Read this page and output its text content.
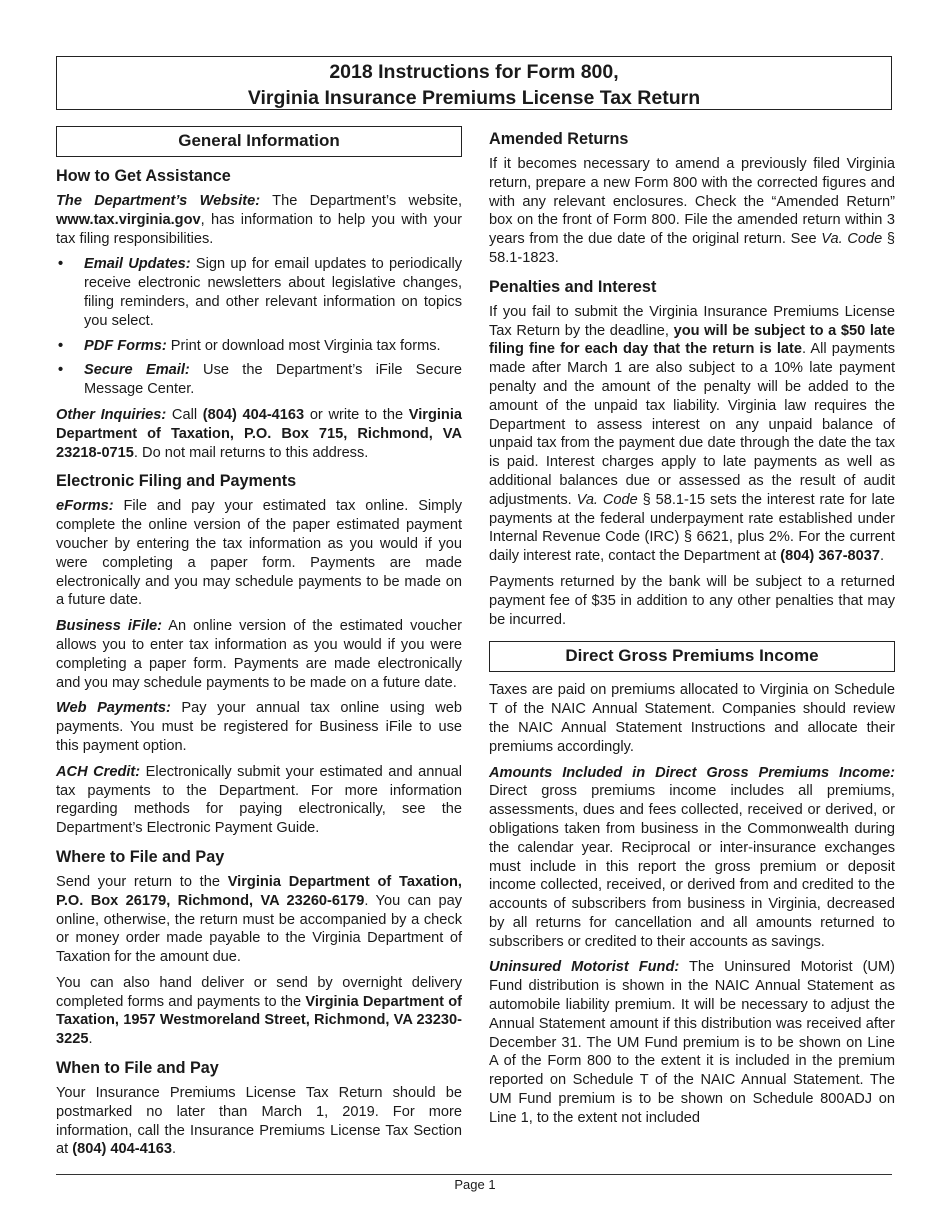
2018 Instructions for Form 800,
Virginia Insurance Premiums License Tax Return
General Information
How to Get Assistance

The Department’s Website: The Department’s website, www.tax.virginia.gov, has information to help you with your tax filing responsibilities.

• Email Updates: Sign up for email updates to periodically receive electronic newsletters about legislative changes, filing reminders, and other relevant information on topics you select.
• PDF Forms: Print or download most Virginia tax forms.
• Secure Email: Use the Department’s iFile Secure Message Center.

Other Inquiries: Call (804) 404-4163 or write to the Virginia Department of Taxation, P.O. Box 715, Richmond, VA 23218-0715. Do not mail returns to this address.

Electronic Filing and Payments

eForms: File and pay your estimated tax online. Simply complete the online version of the paper estimated payment voucher by entering the tax information as you would if you were completing a paper form. Payments are made electronically and you may schedule payments to be made on a future date.

Business iFile: An online version of the estimated voucher allows you to enter tax information as you would if you were completing a paper form. Payments are made electronically and you may schedule payments to be made on a future date.

Web Payments: Pay your annual tax online using web payments. You must be registered for Business iFile to use this payment option.

ACH Credit: Electronically submit your estimated and annual tax payments to the Department. For more information regarding methods for paying electronically, see the Department’s Electronic Payment Guide.

Where to File and Pay

Send your return to the Virginia Department of Taxation, P.O. Box 26179, Richmond, VA 23260-6179. You can pay online, otherwise, the return must be accompanied by a check or money order made payable to the Virginia Department of Taxation for the amount due.

You can also hand deliver or send by overnight delivery completed forms and payments to the Virginia Department of Taxation, 1957 Westmoreland Street, Richmond, VA 23230-3225.

When to File and Pay

Your Insurance Premiums License Tax Return should be postmarked no later than March 1, 2019. For more information, call the Insurance Premiums License Tax Section at (804) 404-4163.

Amended Returns

If it becomes necessary to amend a previously filed Virginia return, prepare a new Form 800 with the corrected figures and with any relevant enclosures. Check the “Amended Return” box on the front of Form 800. File the amended return within 3 years from the due date of the original return. See Va. Code § 58.1-1823.

Penalties and Interest

If you fail to submit the Virginia Insurance Premiums License Tax Return by the deadline, you will be subject to a $50 late filing fine for each day that the return is late. All payments made after March 1 are also subject to a 10% late payment penalty and the amount of the penalty will be added to the amount of the unpaid tax liability. Virginia law requires the Department to assess interest on any unpaid balance of unpaid tax from the payment due date through the date the tax is paid. Interest charges apply to late payments as well as additional balances due or assessed as the result of audit adjustments. Va. Code § 58.1-15 sets the interest rate for late payments at the federal underpayment rate established under Internal Revenue Code (IRC) § 6621, plus 2%. For the current daily interest rate, contact the Department at (804) 367-8037.

Payments returned by the bank will be subject to a returned payment fee of $35 in addition to any other penalties that may be incurred.

Direct Gross Premiums Income

Taxes are paid on premiums allocated to Virginia on Schedule T of the NAIC Annual Statement. Companies should review the NAIC Annual Statement Instructions and allocate their premiums accordingly.

Amounts Included in Direct Gross Premiums Income: Direct gross premiums income includes all premiums, assessments, dues and fees collected, received or derived, or obligations taken from business in the Commonwealth during the calendar year. Reciprocal or inter-insurance exchanges must include in this report the gross premium or deposit income collected, received, or derived from and credited to the accounts of subscribers from business in Virginia, decreased by all returns for cancellation and all amounts returned to subscribers or credited to their accounts as savings.

Uninsured Motorist Fund: The Uninsured Motorist (UM) Fund distribution is shown in the NAIC Annual Statement as automobile liability premium. It will be necessary to adjust the Annual Statement amount if this distribution was received after December 31. The UM Fund premium is to be shown on Line A of the Form 800 to the extent it is included in the premium reported on Schedule T of the NAIC Annual Statement. The UM Fund premium is to be shown on Schedule 800ADJ on Line 1, to the extent not included

Page 1
